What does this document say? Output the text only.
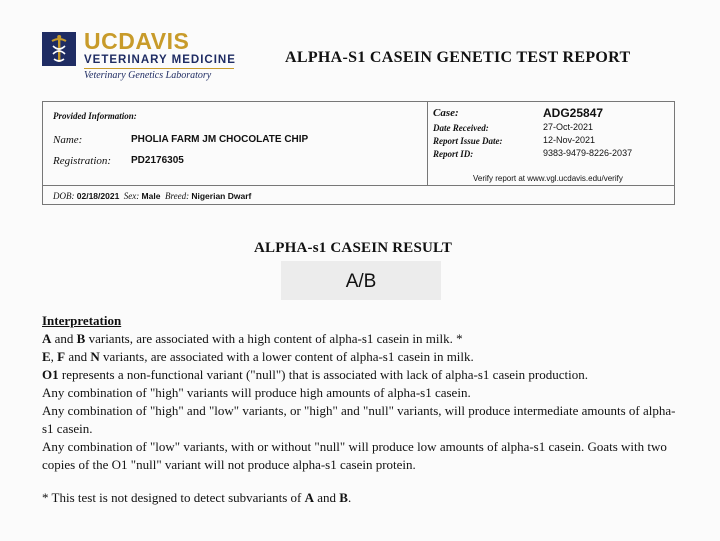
UCDAVIS
VETERINARY MEDICINE
Veterinary Genetics Laboratory
ALPHA-S1 CASEIN GENETIC TEST REPORT
Provided Information:
Name:	PHOLIA FARM JM CHOCOLATE CHIP
Registration: PD2176305
Case:	ADG25847
Date Received:	27-Oct-2021
Report Issue Date:	12-Nov-2021
Report ID:	9383-9479-8226-2037
Verify report at www.vgl.ucdavis.edu/verify
DOB: 02/18/2021 Sex: Male Breed: Nigerian Dwarf
ALPHA-s1 CASEIN RESULT
A/B

Interpretation

A and B variants, are associated with a high content of alpha-s1 casein in milk. *

E, F and N variants, are associated with a lower content of alpha-s1 casein in milk.

O1 represents a non-functional variant ("null") that is associated with lack of alpha-s1 casein production.

Any combination of "high" variants will produce high amounts of alpha-s1 casein.

Any combination of "high" and "low" variants, or "high" and "null" variants, will produce intermediate amounts of alpha-s1 casein.

Any combination of "low" variants, with or without "null" will produce low amounts of alpha-s1 casein. Goats with two copies of the O1 "null" variant will not produce alpha-s1 casein protein.

* This test is not designed to detect subvariants of A and B.
